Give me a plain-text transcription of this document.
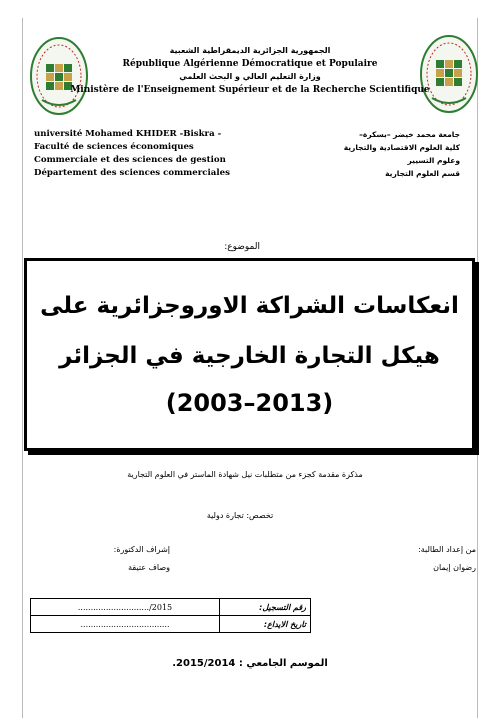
الجمهورية الجزائرية الديمقراطية الشعبية
République Algérienne Démocratique et Populaire
وزارة التعليم العالي و البحث العلمي
Ministère de l'Enseignement Supérieur et de la Recherche Scientifique
université Mohamed KHIDER -Biskra -
Faculté de sciences économiques
Commerciale et des sciences de gestion
Département des sciences commerciales
جامعة محمد خيضر –بسكرة–
كلية العلوم الاقتصادية والتجارية
وعلوم التسيير
قسم العلوم التجارية
الموضوع:
انعكاسات الشراكة الاوروجزائرية على
هيكل التجارة الخارجية في الجزائر
(2003–2013)
مذكرة مقدمة كجزء من متطلبات نيل شهادة الماستر في العلوم التجارية
تخصص: تجارة دولية
من إعداد الطالبة:
رضوان إيمان
إشراف الدكتورة:
وصاف عتيقة
............................/2015	رقم التسجيل:
...................................	تاريخ الايداع:
الموسم الجامعي : 2015/2014.
